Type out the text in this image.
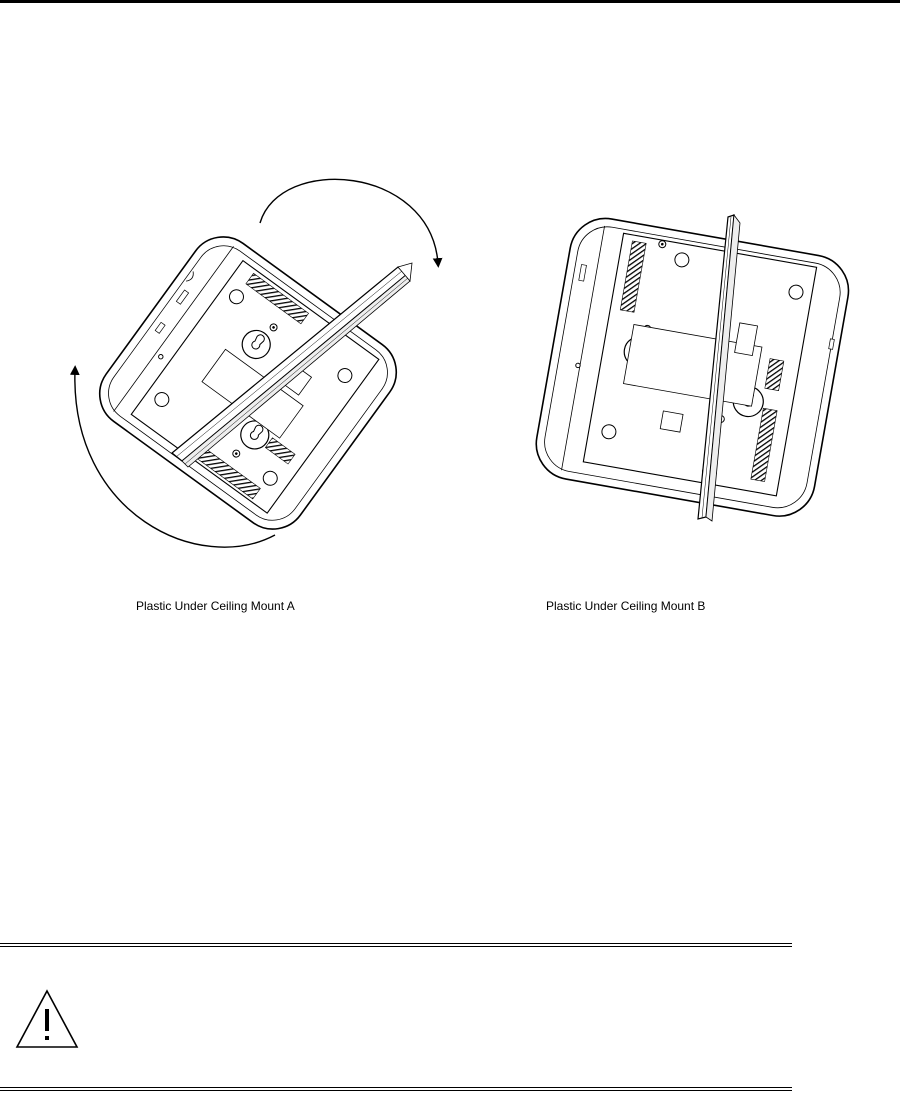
Plastic Under Ceiling Mount A	Plastic Under Ceiling Mount B
